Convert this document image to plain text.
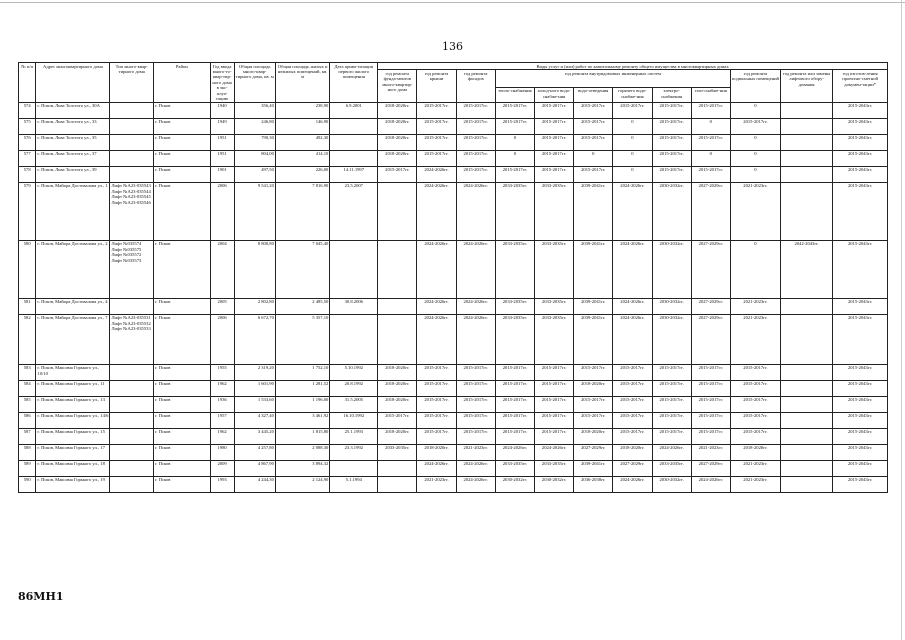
136
№ п/п	Адрес многоквартирного дома	Тип много-квар-тирного дома	Район	Год ввода много-го-квар-тир-ного дома в экс-плуа-тацию	Общая площадь много-квар-тирного дома, кв. м	Общая площадь жилых и нежилых помещений, кв. м	Дата прива-тизации первого жилого помещения	Виды услуг и (или) работ по капитальному ремонту общего имущества в многоквартирных домах											
								год ремонта фунда-ментов много-квартир-ного дома	год ремонта крыши	год ремонта фасадов	год ремонта внутридомовых инженерных систем						год ремонта подвальных помещений	год ремонта или замены лифтового обору-дования	год изготов-ления проектно-сметной докумен-тации*
											тепло-снабжения	холод-ного водо-снабже-ния	водо-отведения	горячего водо-снабже-ния	электро-снабжения	газо-снабже-ния			
574	г. Псков, Льва Толстого ул., 30А		г. Псков	1940	356,40	238,90	6.9.2001	2018-2020гг.	2015-2017гг.	2015-2017гг.	2015-2017гг.	2015-2017гг.	2015-2017гг.	2015-2017гг.	2015-2017гг.	2015-2017гг.	0		2015-2043гг.
575	г. Псков, Льва Толстого ул., 33		г. Псков	1949	246,80	146,90		2018-2020гг.	2015-2017гг.	2015-2017гг.	2015-2017гг.	2015-2017гг.	2015-2017гг.	0	2015-2017гг.	0	2015-2017гг.		2015-2043гг.
576	г. Псков, Льва Толстого ул., 35		г. Псков	1951	790,30	492,30		2018-2020гг.	2015-2017гг.	2015-2017гг.	0	2015-2017гг.	2015-2017гг.	0	2015-2017гг.	2015-2017гг.	0		2015-2043гг.
577	г. Псков, Льва Толстого ул., 37		г. Псков	1951	804,00	414,10		2018-2020гг.	2015-2017гг.	2015-2017гг.	0	2015-2017гг.	0	0	2015-2017гг.	0	0		2015-2043гг.
578	г. Псков, Льва Толстого ул., 39		г. Псков	1901	497,50	226,00	14.11.1997	2015-2017гг.	2024-2026гг.	2015-2017гг.	2015-2017гг.	2015-2017гг.	2015-2017гг.	0	2015-2017гг.	2015-2017гг.	0		2015-2043гг.
579	г. Псков, Майора Достовалова ул., 1	Лифт №А23-035543 Лифт №А23-035544 Лифт №А23-035545 Лифт №А23-035546	г. Псков	2006	9 541,20	7 816,90	23.5.2007		2024-2026гг.	2024-2026гг.	2033-2035гг.	2033-2035гг.	2039-2041гг.	2024-2026гг.	2030-2032гг.	2027-2029гг.	2021-2023гг.		2015-2043гг.
580	г. Псков, Майора Достовалова ул., 2	Лифт №035574 Лифт №035575 Лифт №035572 Лифт №035573	г. Псков	2004	8 800,80	7 045,40			2024-2026гг.	2024-2026гг.	2033-2035гг.	2033-2035гг.	2039-2041гг.	2024-2026гг.	2030-2032гг.	2027-2029гг.	0	2042-2043гг.	2015-2043гг.
581	г. Псков, Майора Достовалова ул., 4		г. Псков	2005	2 802,80	2 485,50	30.8.2006		2024-2026гг.	2024-2026гг.	2033-2035гг.	2033-2035гг.	2039-2041гг.	2024-2026гг.	2030-2032гг.	2027-2029гг.	2021-2023гг.		2015-2043гг.
582	г. Псков, Майора Достовалова ул., 7	Лифт №А23-035531 Лифт №А23-035532 Лифт №А23-035533	г. Псков	2006	6 672,70	5 357,10			2024-2026гг.	2024-2026гг.	2033-2035гг.	2033-2035гг.	2039-2041гг.	2024-2026гг.	2030-2032гг.	2027-2029гг.	2021-2023гг.		2015-2043гг.
583	г. Псков, Максима Горького ул., 10/10		г. Псков	1955	2 319,20	1 752,10	5.10.1992	2018-2020гг.	2015-2017гг.	2015-2017гг.	2015-2017гг.	2015-2017гг.	2015-2017гг.	2015-2017гг.	2015-2017гг.	2015-2017гг.	2015-2017гг.		2015-2043гг.
584	г. Псков, Максима Горького ул., 11		г. Псков	1962	1 601,90	1 281,52	20.8.1992	2018-2020гг.	2015-2017гг.	2015-2017гг.	2015-2017гг.	2015-2017гг.	2018-2020гг.	2015-2017гг.	2015-2017гг.	2015-2017гг.	2015-2017гг.		2015-2043гг.
585	г. Псков, Максима Горького ул., 13		г. Псков	1936	1 533,60	1 196,00	31.5.2005	2018-2020гг.	2015-2017гг.	2015-2017гг.	2015-2017гг.	2015-2017гг.	2015-2017гг.	2015-2017гг.	2015-2017гг.	2015-2017гг.	2015-2017гг.		2015-2043гг.
586	г. Псков, Максима Горького ул., 14/6		г. Псков	1957	4 327,40	3 461,92	16.10.1992	2015-2017гг.	2015-2017гг.	2015-2017гг.	2015-2017гг.	2015-2017гг.	2015-2017гг.	2015-2017гг.	2015-2017гг.	2015-2017гг.	2015-2017гг.		2015-2043гг.
587	г. Псков, Максима Горького ул., 15		г. Псков	1962	3 445,20	1 815,80	25.1.1993	2018-2020гг.	2015-2017гг.	2015-2017гг.	2015-2017гг.	2015-2017гг.	2018-2020гг.	2015-2017гг.	2015-2017гг.	2015-2017гг.	2015-2017гг.		2015-2043гг.
588	г. Псков, Максима Горького ул., 17		г. Псков	1980	4 257,80	2 088,30	23.3.1992	2033-2035гг.	2018-2020гг.	2021-2023гг.	2024-2026гг.	2024-2026гг.	2027-2029гг.	2018-2020гг.	2024-2026гг.	2021-2023гг.	2018-2020гг.		2015-2043гг.
589	г. Псков, Максима Горького ул., 18		г. Псков	2009	4 867,90	3 894,32			2024-2026гг.	2024-2026гг.	2033-2035гг.	2033-2035гг.	2039-2041гг.	2027-2029гг.	2033-2035гг.	2027-2029гг.	2021-2023гг.		2015-2043гг.
590	г. Псков, Максима Горького ул., 19		г. Псков	1993	4 244,30	2 124,90	5.1.1994		2021-2023гг.	2024-2026гг.	2030-2032гг.	2030-2032гг.	2036-2038гг.	2024-2026гг.	2030-2032гг.	2024-2026гг.	2021-2023гг.		2015-2043гг.
86МН1
